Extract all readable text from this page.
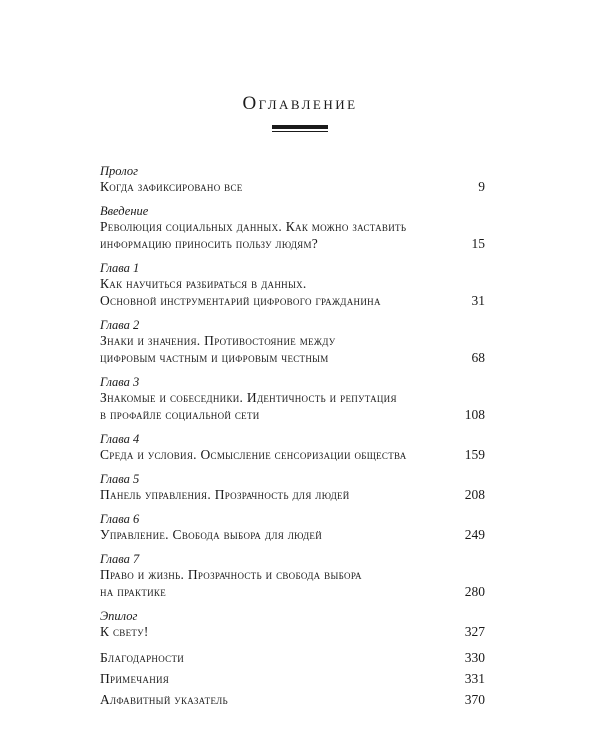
Оглавление
Пролог
Когда зафиксировано все	9
Введение
Революция социальных данных. Как можно заставить
информацию приносить пользу людям?	15
Глава 1
Как научиться разбираться в данных.
Основной инструментарий цифрового гражданина	31
Глава 2
Знаки и значения. Противостояние между
цифровым частным и цифровым честным	68
Глава 3
Знакомые и собеседники. Идентичность и репутация
в профайле социальной сети	108
Глава 4
Среда и условия. Осмысление сенсоризации общества	159
Глава 5
Панель управления. Прозрачность для людей	208
Глава 6
Управление. Свобода выбора для людей	249
Глава 7
Право и жизнь. Прозрачность и свобода выбора
на практике	280
Эпилог
К свету!	327
Благодарности	330
Примечания	331
Алфавитный указатель	370
